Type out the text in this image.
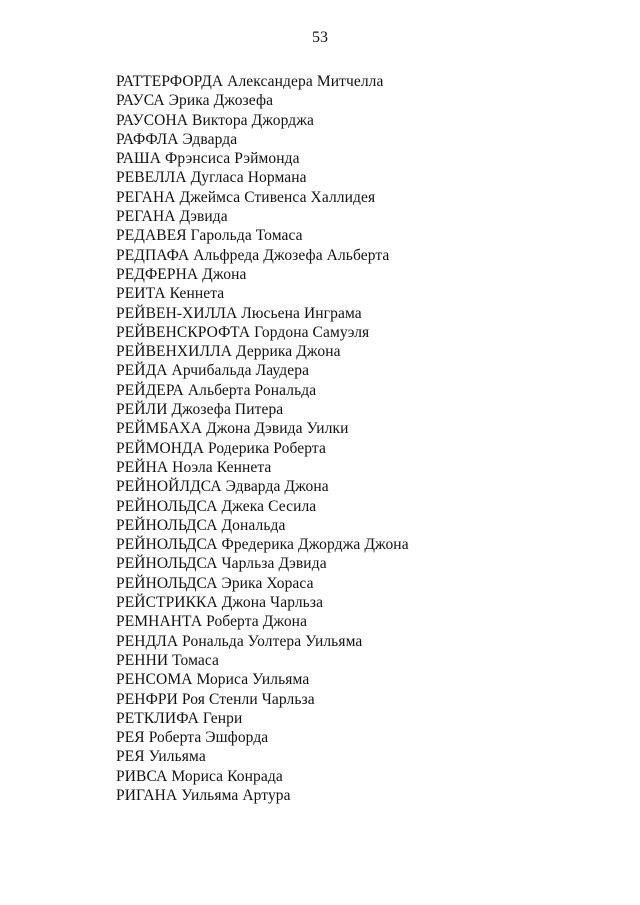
53
РАТТЕРФОРДА Александера Митчелла
РАУСА Эрика Джозефа
РАУСОНА Виктора Джорджа
РАФФЛА Эдварда
РАША Фрэнсиса Рэймонда
РЕВЕЛЛА Дугласа Нормана
РЕГАНА Джеймса Стивенса Халлидея
РЕГАНА Дэвида
РЕДАВЕЯ Гарольда Томаса
РЕДПАФА Альфреда Джозефа Альберта
РЕДФЕРНА Джона
РЕИТА Кеннета
РЕЙВЕН-ХИЛЛА Люсьена Инграма
РЕЙВЕНСКРОФТА Гордона Самуэля
РЕЙВЕНХИЛЛА Деррика Джона
РЕЙДА Арчибальда Лаудера
РЕЙДЕРА Альберта Рональда
РЕЙЛИ Джозефа Питера
РЕЙМБАХА Джона Дэвида Уилки
РЕЙМОНДА Родерика Роберта
РЕЙНА Ноэла Кеннета
РЕЙНОЙЛДСА Эдварда Джона
РЕЙНОЛЬДСА Джека Сесила
РЕЙНОЛЬДСА Дональда
РЕЙНОЛЬДСА Фредерика Джорджа Джона
РЕЙНОЛЬДСА Чарльза Дэвида
РЕЙНОЛЬДСА Эрика Хораса
РЕЙСТРИККА Джона Чарльза
РЕМНАНТА Роберта Джона
РЕНДЛА Рональда Уолтера Уильяма
РЕННИ Томаса
РЕНСОМА Мориса Уильяма
РЕНФРИ Роя Стенли Чарльза
РЕТКЛИФА Генри
РЕЯ Роберта Эшфорда
РЕЯ Уильяма
РИВСА Мориса Конрада
РИГАНА Уильяма Артура
